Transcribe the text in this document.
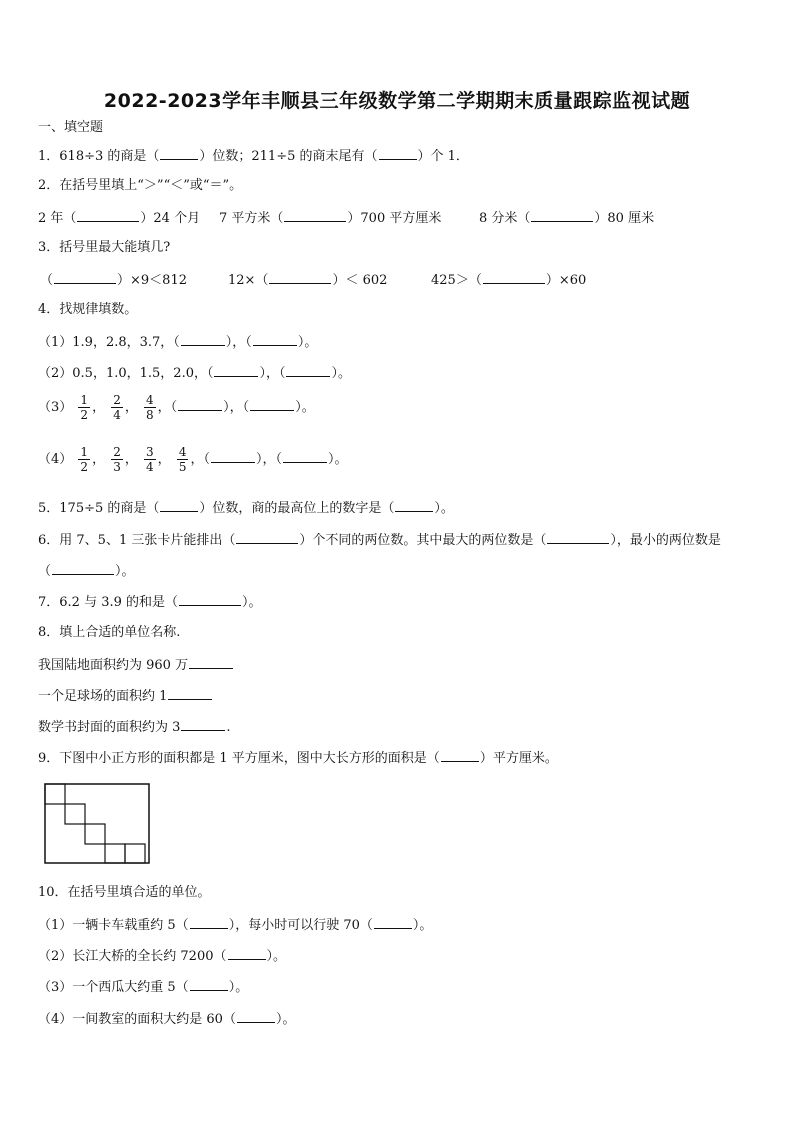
2022-2023学年丰顺县三年级数学第二学期期末质量跟踪监视试题
一、填空题
1．618÷3 的商是（	）位数；211÷5 的商末尾有（	）个 1．
2．在括号里填上“＞”“＜”或“＝”。
2 年（	）24 个月 7 平方米（	）700 平方厘米	8 分米（	）80 厘米
3．括号里最大能填几?
（	）×9＜812	12×（	）＜ 602	425＞（	）×60
4．找规律填数。
（1）1.9，2.8，3.7，（	），（	）。
（2）0.5，1.0，1.5，2.0，（	），（	）。
$(3) \frac{1}{2}$ ， $\frac{2}{4}$ ， $\frac{4}{8}$ ，（	），（	）。
$(4) \frac{1}{2}$ ， $\frac{2}{3}$ ， $\frac{3}{4}$ ， $\frac{4}{5}$ ，（	），（	）。
5．175÷5 的商是（	）位数，商的最高位上的数字是（	）。
6．用 7、5、1 三张卡片能排出（	）个不同的两位数。其中最大的两位数是（	），最小的两位数是
（	）。
7．6.2 与 3.9 的和是（	）。
8．填上合适的单位名称.
我国陆地面积约为 960 万
一个足球场的面积约 1
数学书封面的面积约为 3	.
9．下图中小正方形的面积都是 1 平方厘米，图中大长方形的面积是（	）平方厘米。
10．在括号里填合适的单位。
（1）一辆卡车载重约 5（	），每小时可以行驶 70（	）。
（2）长江大桥的全长约 7200（	）。
（3）一个西瓜大约重 5（	）。
（4）一间教室的面积大约是 60（	）。
